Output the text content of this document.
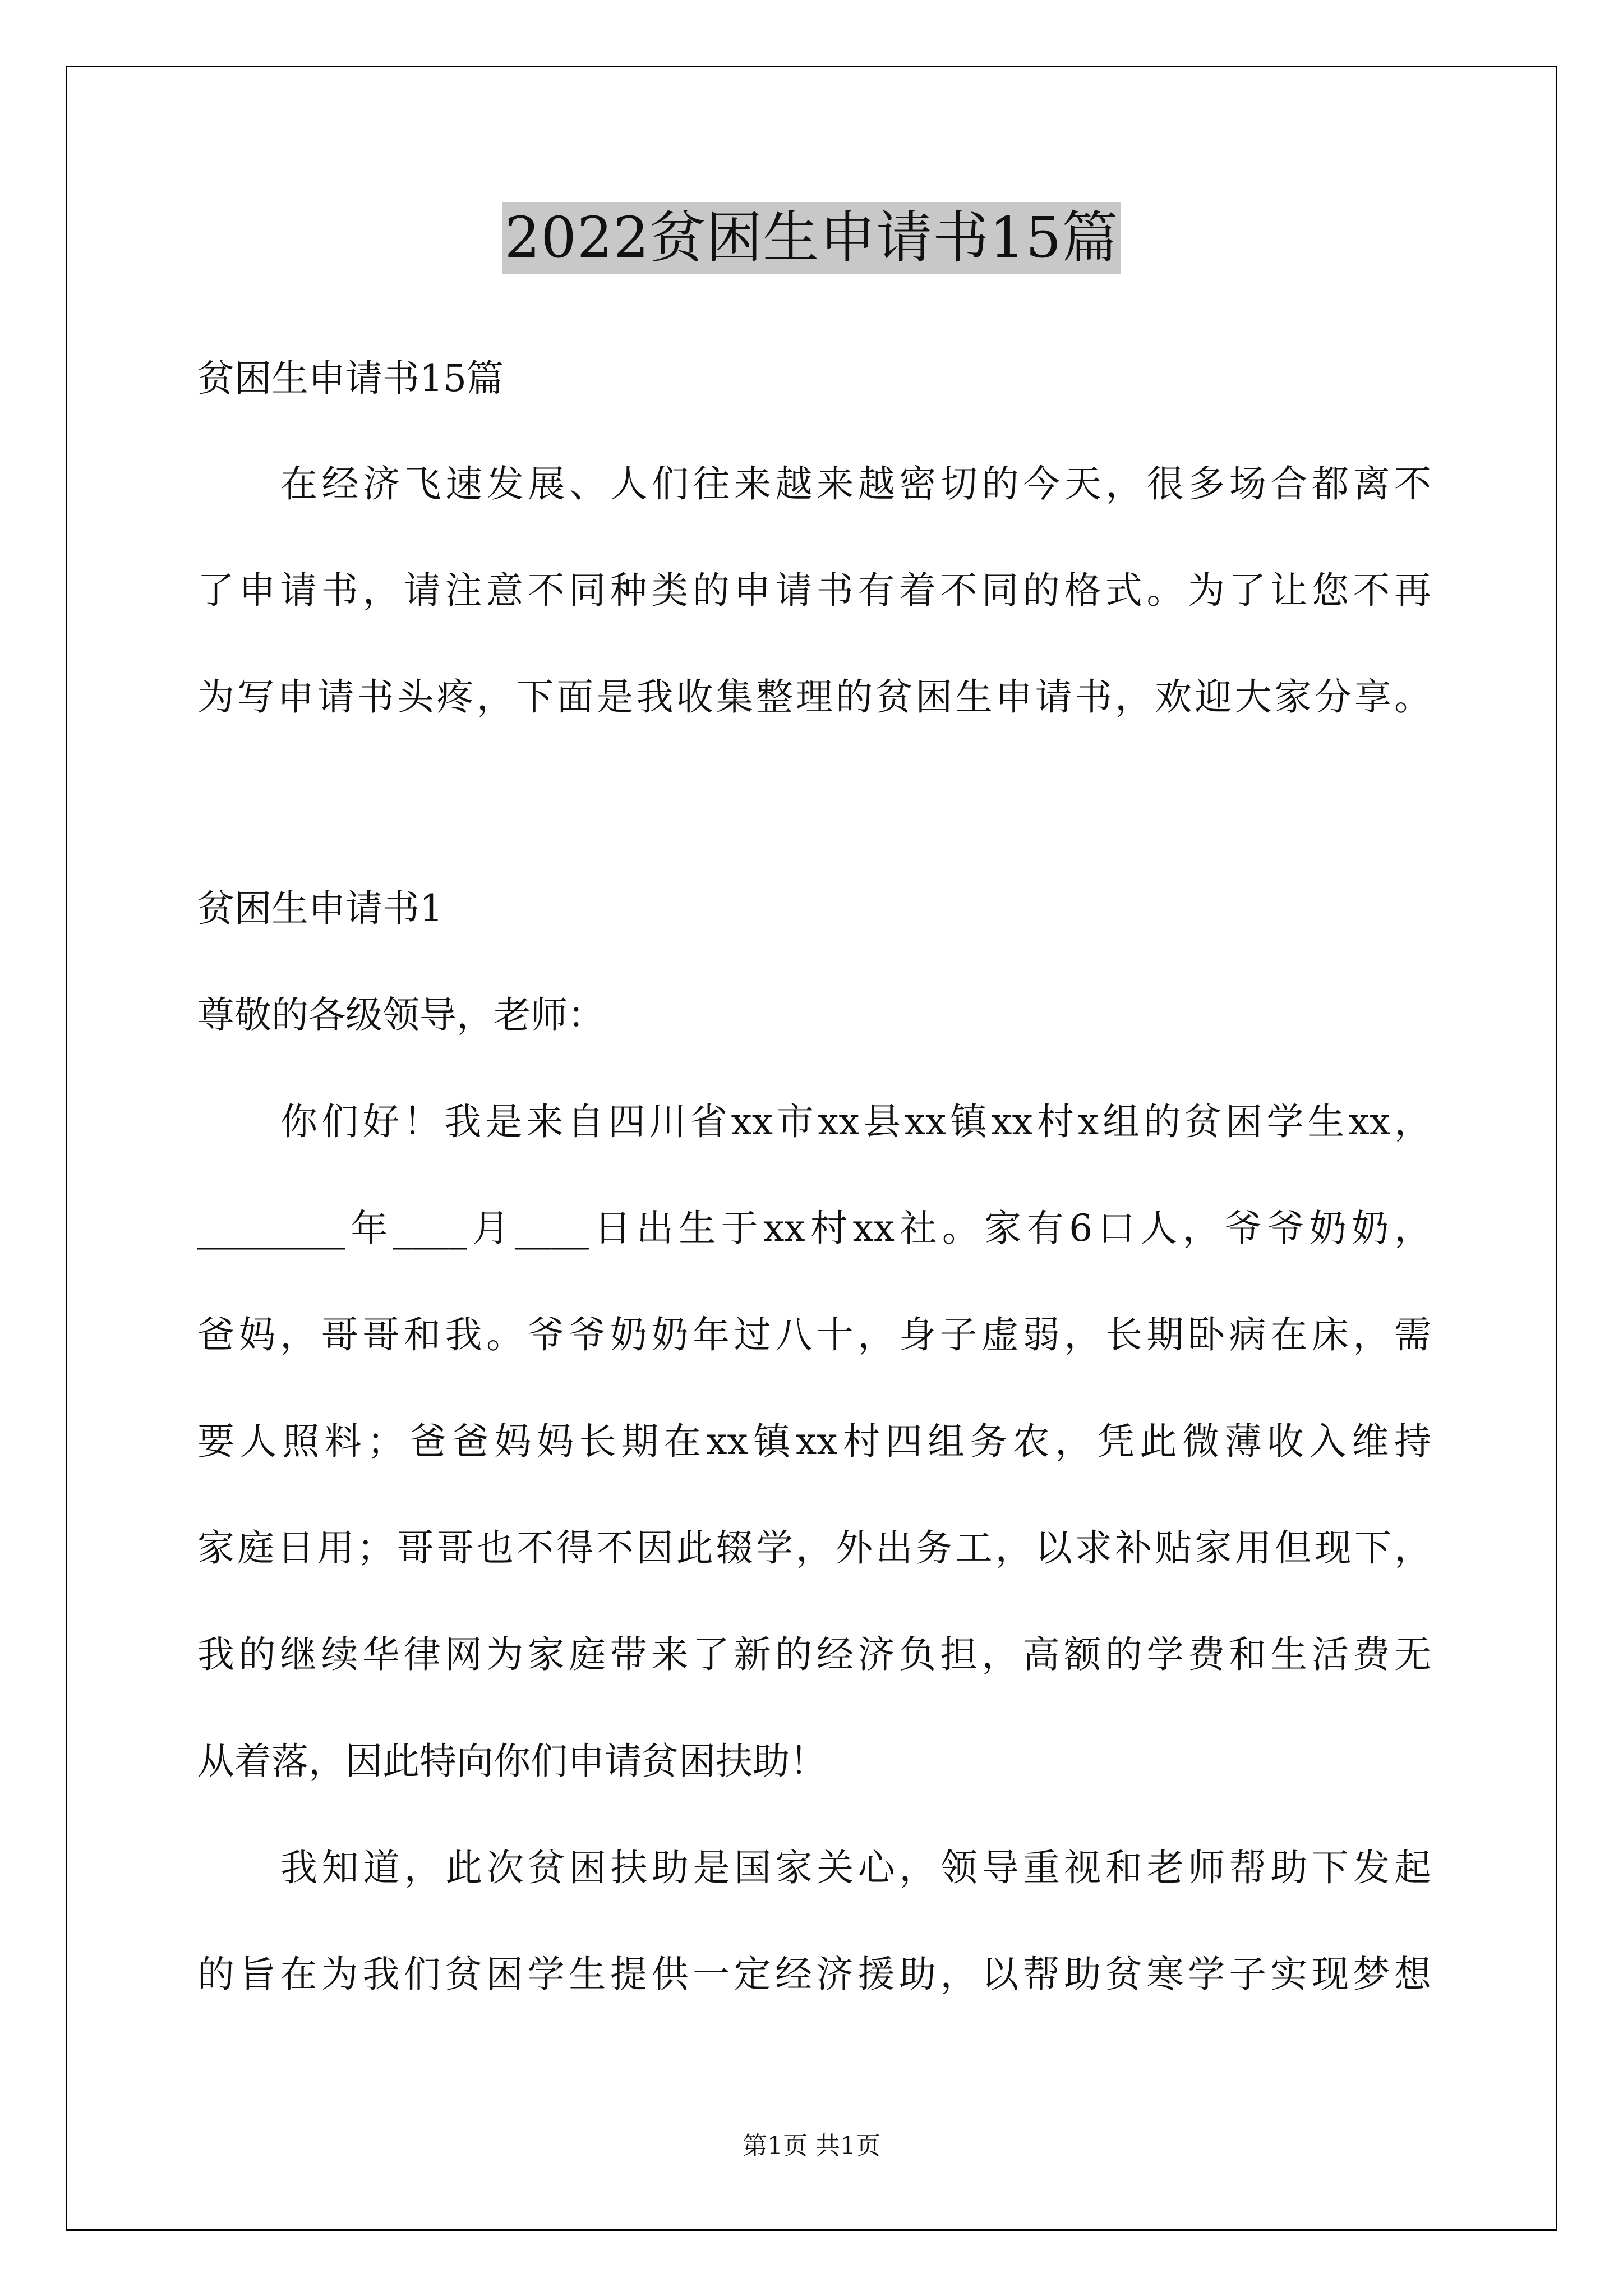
2022贫困生申请书15篇
贫困生申请书15篇
在经济飞速发展、人们往来越来越密切的今天，很多场合都离不
了申请书，请注意不同种类的申请书有着不同的格式。为了让您不再
为写申请书头疼，下面是我收集整理的贫困生申请书，欢迎大家分享。
贫困生申请书1
尊敬的各级领导，老师：
你们好！我是来自四川省xx市xx县xx镇xx村x组的贫困学生xx，
________年____月____日出生于xx村xx社。家有6口人，爷爷奶奶，
爸妈，哥哥和我。爷爷奶奶年过八十，身子虚弱，长期卧病在床，需
要人照料；爸爸妈妈长期在xx镇xx村四组务农，凭此微薄收入维持
家庭日用；哥哥也不得不因此辍学，外出务工，以求补贴家用但现下，
我的继续华律网为家庭带来了新的经济负担，高额的学费和生活费无
从着落，因此特向你们申请贫困扶助！
我知道，此次贫困扶助是国家关心，领导重视和老师帮助下发起
的旨在为我们贫困学生提供一定经济援助，以帮助贫寒学子实现梦想
第1页 共1页
